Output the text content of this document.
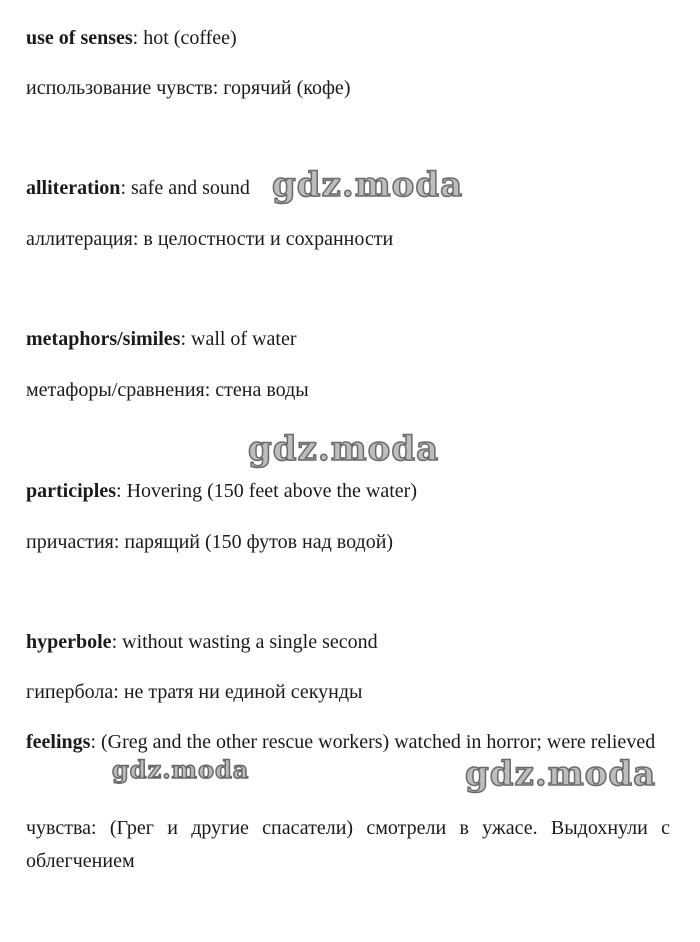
use of senses: hot (coffee)
использование чувств: горячий (кофе)
alliteration: safe and sound
аллитерация: в целостности и сохранности
metaphors/similes: wall of water
метафоры/сравнения: стена воды
participles: Hovering (150 feet above the water)
причастия: парящий (150 футов над водой)
hyperbole: without wasting a single second
гипербола: не тратя ни единой секунды
feelings: (Greg and the other rescue workers) watched in horror; were relieved
чувства: (Грег и другие спасатели) смотрели в ужасе. Выдохнули с облегчением
gdz.moda
gdz.moda
gdz.moda	gdz.moda
